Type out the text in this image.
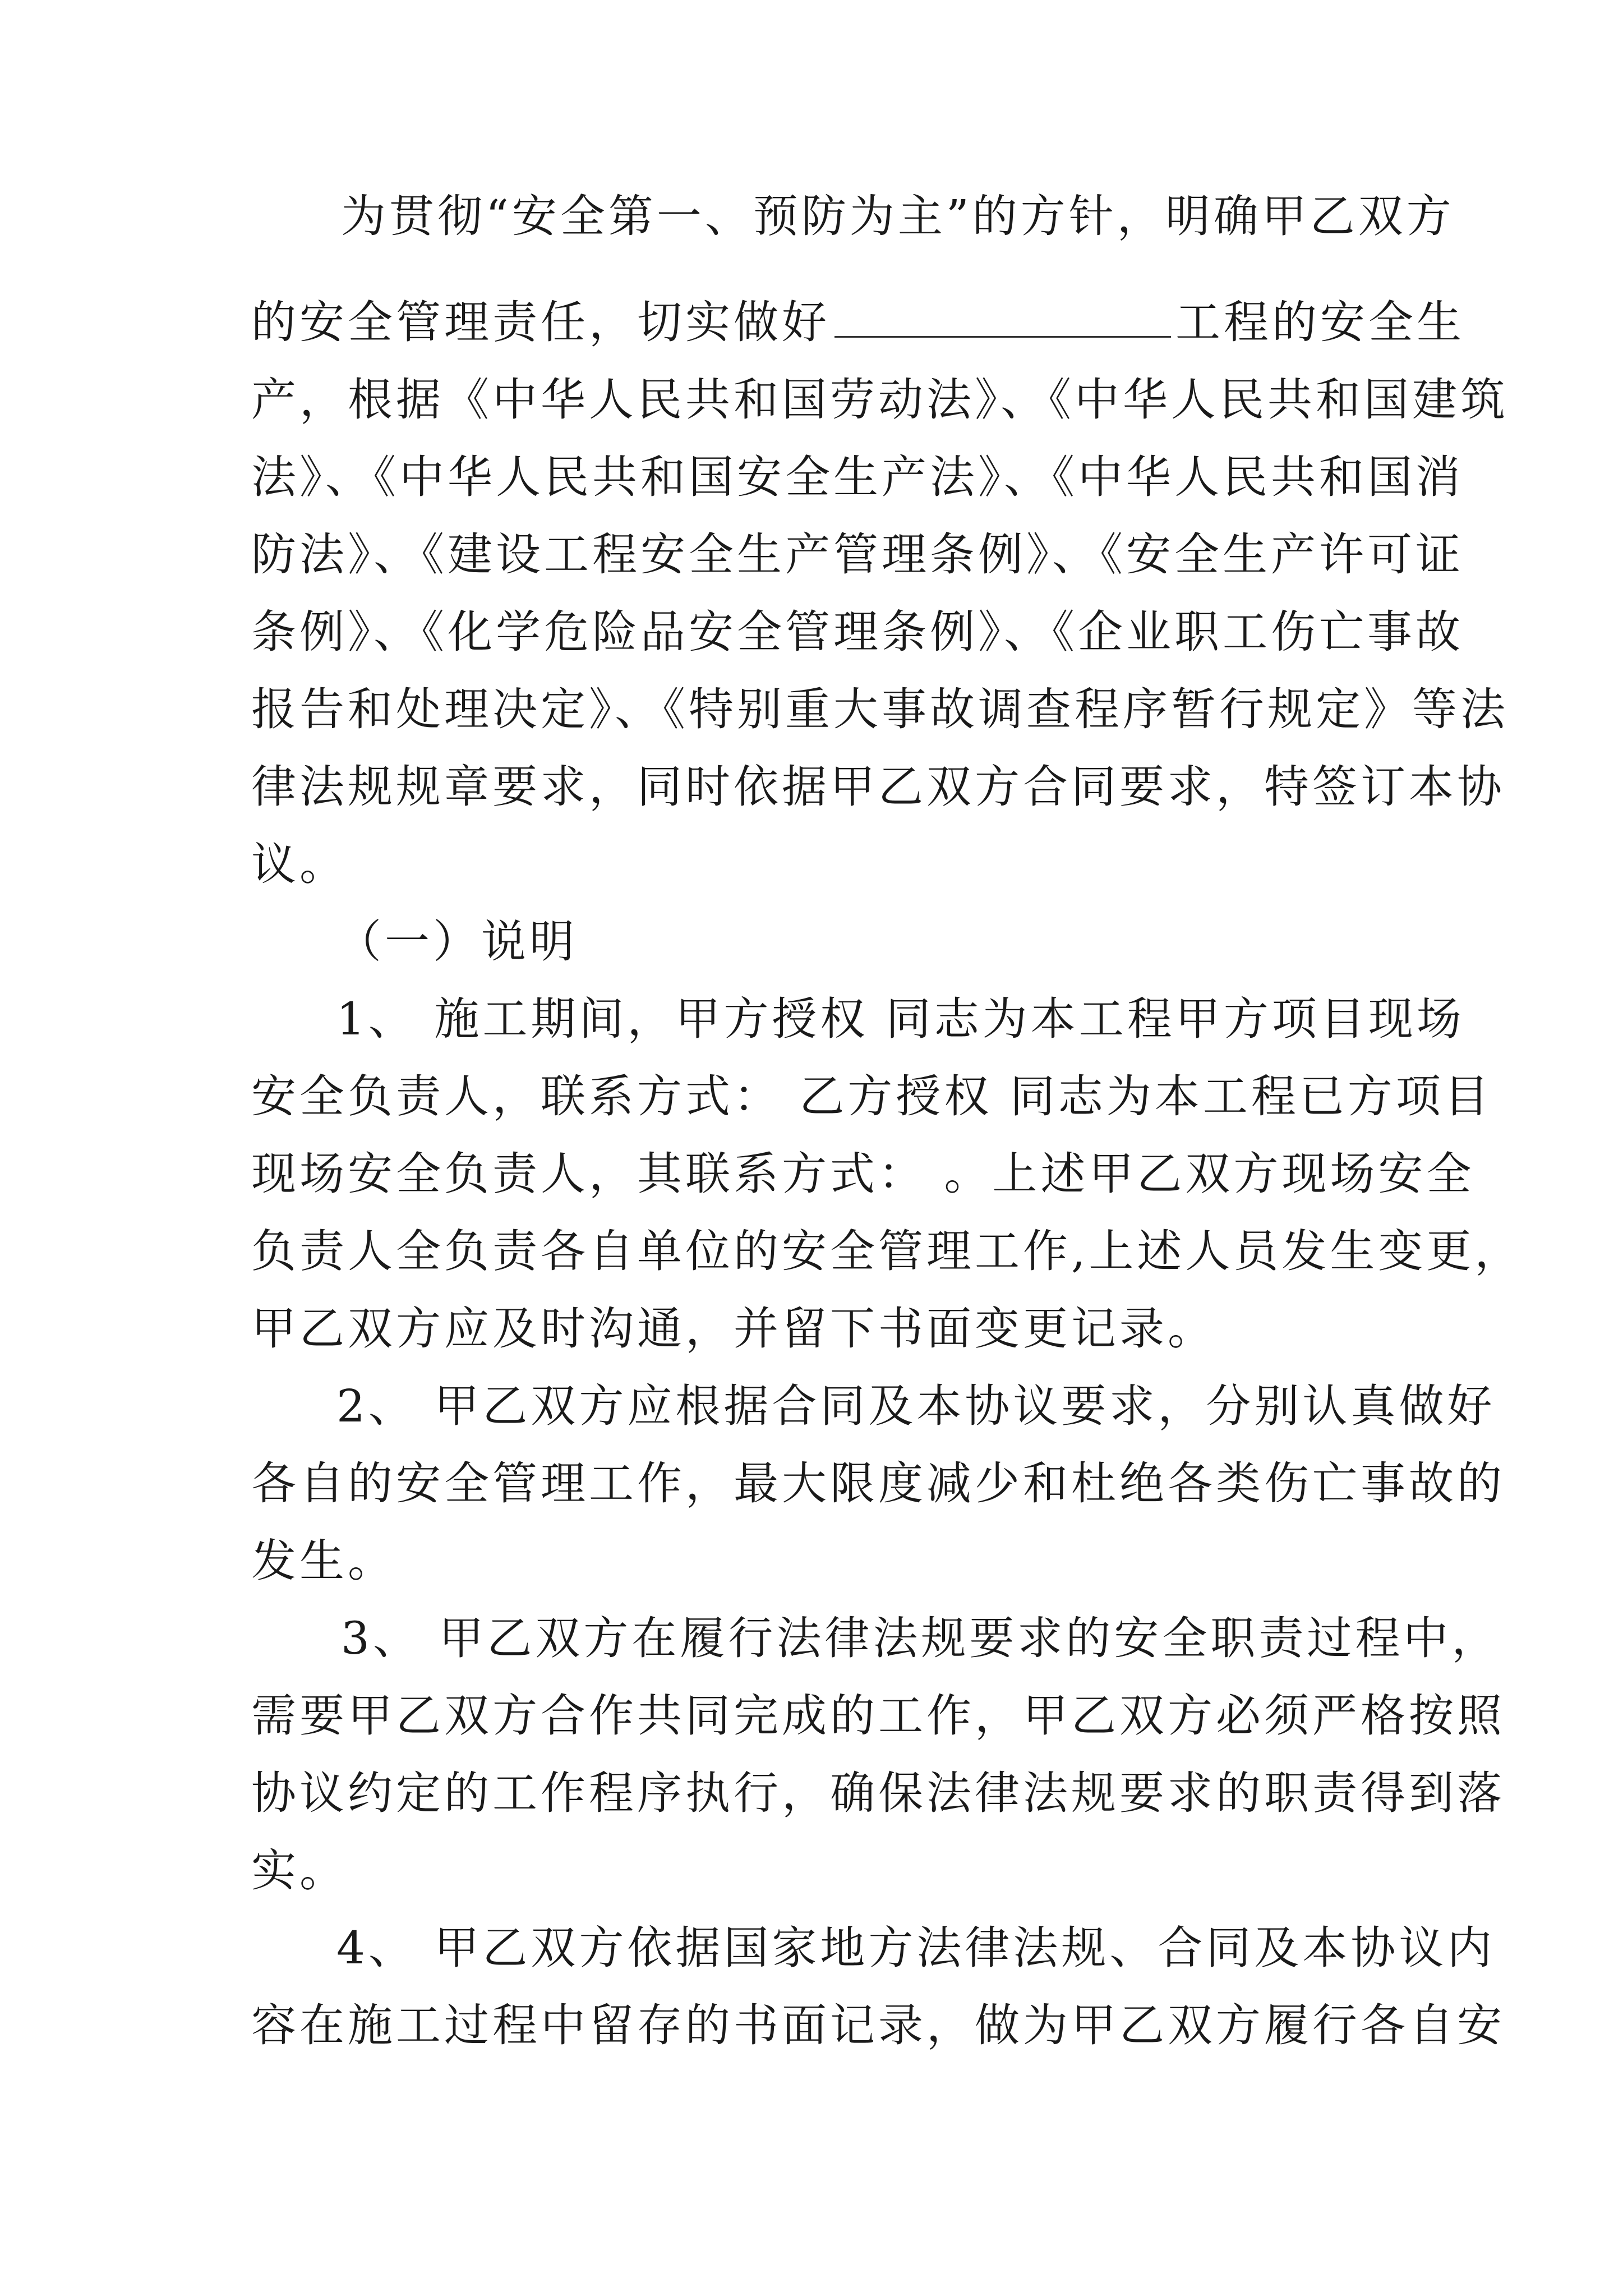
为贯彻“安全第一、预防为主”的方针，明确甲乙双方
的安全管理责任，切实做好	工程的安全生
产，根据《中华人民共和国劳动法》、《中华人民共和国建筑
法》、《中华人民共和国安全生产法》、《中华人民共和国消
防法》、《建设工程安全生产管理条例》、《安全生产许可证
条例》、《化学危险品安全管理条例》、《企业职工伤亡事故
报告和处理决定》、《特别重大事故调查程序暂行规定》等法
律法规规章要求，同时依据甲乙双方合同要求，特签订本协
议。
（一）说明
1、 施工期间，甲方授权 同志为本工程甲方项目现场
安全负责人，联系方式： 乙方授权 同志为本工程已方项目
现场安全负责人，其联系方式： 。上述甲乙双方现场安全
负责人全负责各自单位的安全管理工作,上述人员发生变更，
甲乙双方应及时沟通，并留下书面变更记录。
2、 甲乙双方应根据合同及本协议要求，分别认真做好
各自的安全管理工作，最大限度减少和杜绝各类伤亡事故的
发生。
3、 甲乙双方在履行法律法规要求的安全职责过程中，
需要甲乙双方合作共同完成的工作，甲乙双方必须严格按照
协议约定的工作程序执行，确保法律法规要求的职责得到落
实。
4、 甲乙双方依据国家地方法律法规、合同及本协议内
容在施工过程中留存的书面记录，做为甲乙双方履行各自安
